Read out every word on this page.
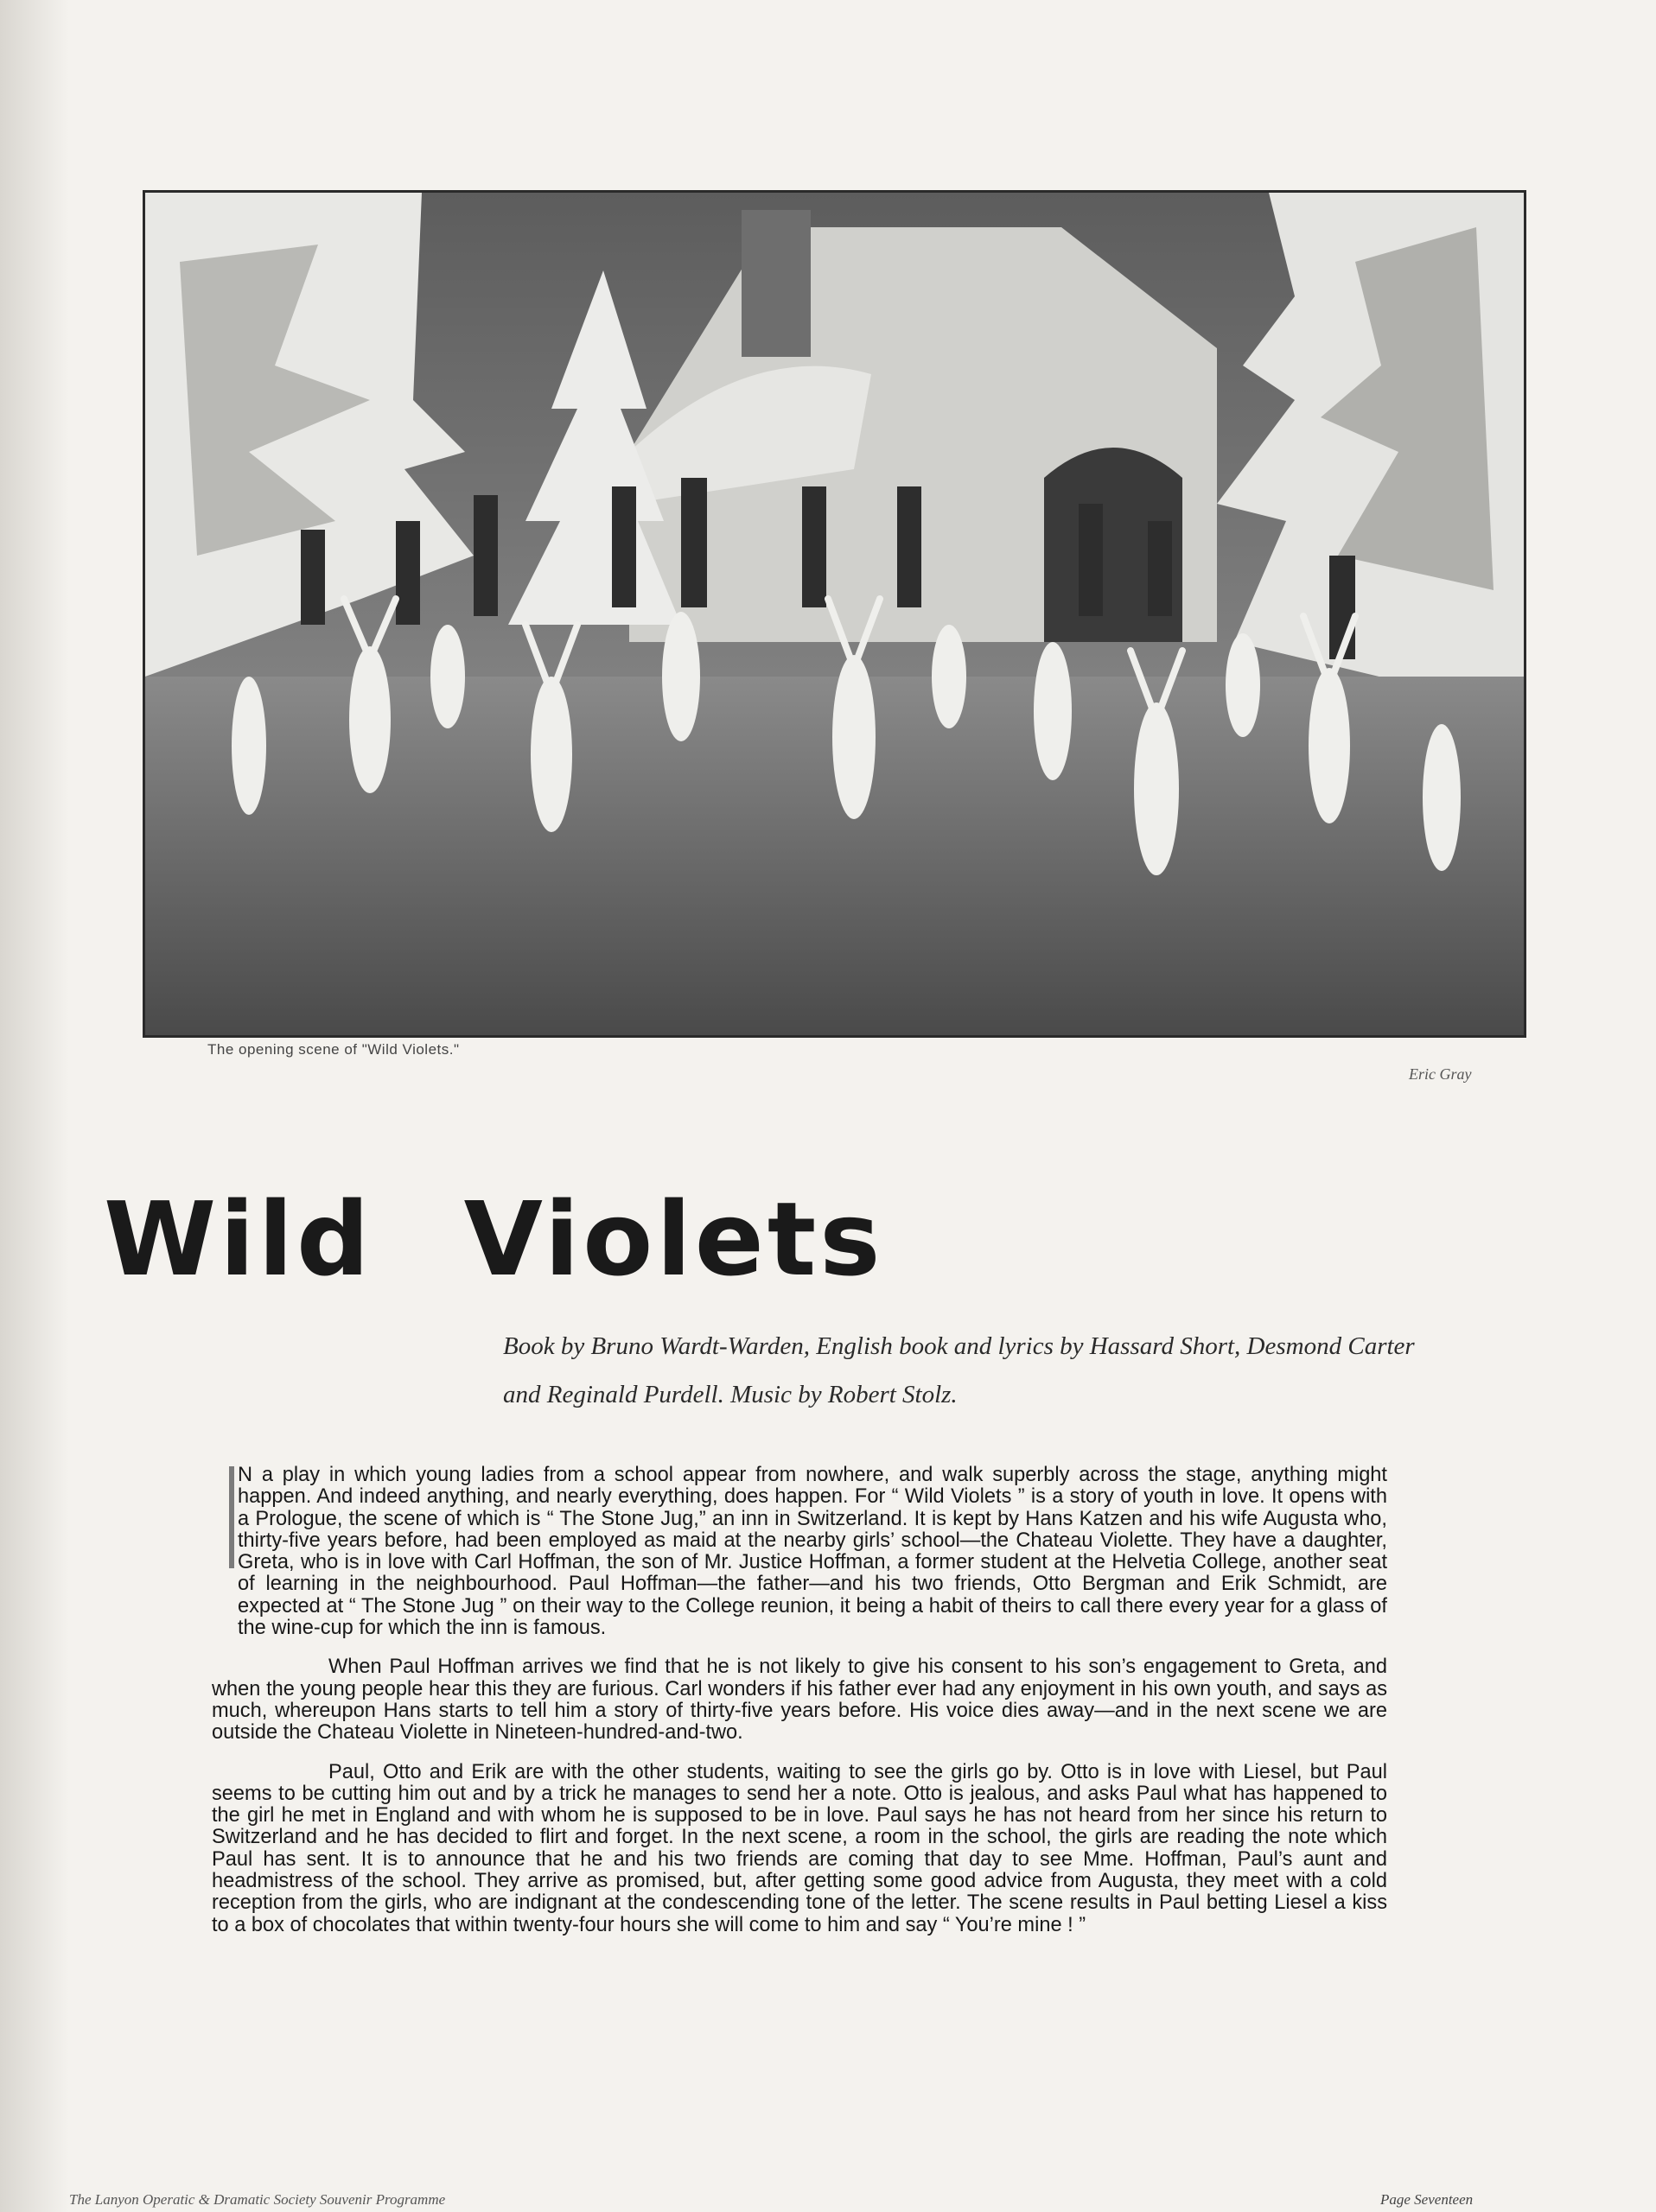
The opening scene of "Wild Violets."
Eric Gray
Wild Violets
Book by Bruno Wardt-Warden, English book and lyrics by Hassard Short, Desmond Carter
and Reginald Purdell. Music by Robert Stolz.

N a play in which young ladies from a school appear from nowhere, and walk superbly across the stage, anything might happen. And indeed anything, and nearly everything, does happen. For “ Wild Violets ” is a story of youth in love. It opens with a Prologue, the scene of which is “ The Stone Jug,” an inn in Switzerland. It is kept by Hans Katzen and his wife Augusta who, thirty-five years before, had been employed as maid at the nearby girls’ school—the Chateau Violette. They have a daughter, Greta, who is in love with Carl Hoffman, the son of Mr. Justice Hoffman, a former student at the Helvetia College, another seat of learning in the neighbourhood. Paul Hoffman—the father—and his two friends, Otto Bergman and Erik Schmidt, are expected at “ The Stone Jug ” on their way to the College reunion, it being a habit of theirs to call there every year for a glass of the wine-cup for which the inn is famous.

When Paul Hoffman arrives we find that he is not likely to give his consent to his son’s engagement to Greta, and when the young people hear this they are furious. Carl wonders if his father ever had any enjoyment in his own youth, and says as much, whereupon Hans starts to tell him a story of thirty-five years before. His voice dies away—and in the next scene we are outside the Chateau Violette in Nineteen-hundred-and-two.

Paul, Otto and Erik are with the other students, waiting to see the girls go by. Otto is in love with Liesel, but Paul seems to be cutting him out and by a trick he manages to send her a note. Otto is jealous, and asks Paul what has happened to the girl he met in England and with whom he is supposed to be in love. Paul says he has not heard from her since his return to Switzerland and he has decided to flirt and forget. In the next scene, a room in the school, the girls are reading the note which Paul has sent. It is to announce that he and his two friends are coming that day to see Mme. Hoffman, Paul’s aunt and headmistress of the school. They arrive as promised, but, after getting some good advice from Augusta, they meet with a cold reception from the girls, who are indignant at the condescending tone of the letter. The scene results in Paul betting Liesel a kiss to a box of chocolates that within twenty-four hours she will come to him and say “ You’re mine ! ”

The Lanyon Operatic & Dramatic Society Souvenir Programme	Page Seventeen
